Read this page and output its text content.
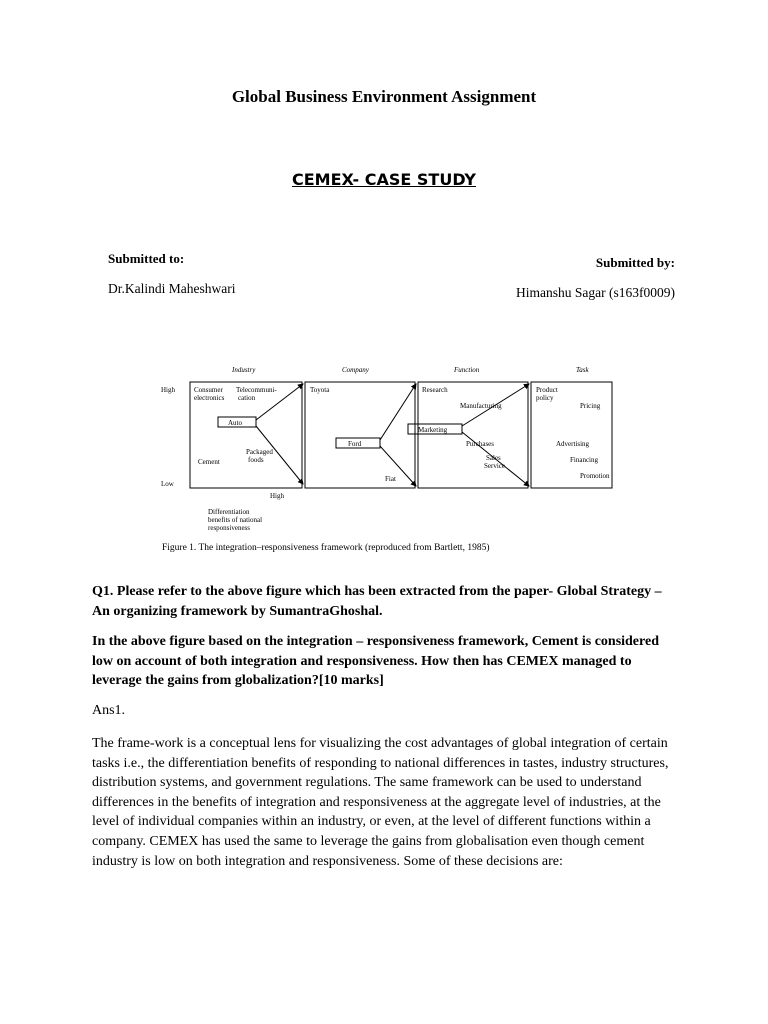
Global Business Environment Assignment
CEMEX- CASE STUDY
Submitted to:
Dr.Kalindi Maheshwari
Submitted by:
Himanshu Sagar (s163f0009)
Industry	Company	Function	Task
High
Low
High
Differentiation
benefits of national
responsiveness
Consumer
electronics
Telecommuni-
cation
Auto
Cement
Packaged
foods
Toyota
Ford
Fiat
Research
Manufacturing
Marketing
Purchases
Sales
Service
Product
policy
Pricing
Advertising
Financing
Promotion
Figure 1. The integration–responsiveness framework (reproduced from Bartlett, 1985)
Q1. Please refer to the above figure which has been extracted from the paper- Global Strategy – An organizing framework by SumantraGhoshal.
In the above figure based on the integration – responsiveness framework, Cement is considered low on account of both integration and responsiveness. How then has CEMEX managed to leverage the gains from globalization?[10 marks]
Ans1.
The frame-work is a conceptual lens for visualizing the cost advantages of global integration of certain tasks i.e., the differentiation benefits of responding to national differences in tastes, industry structures, distribution systems, and government regulations. The same framework can be used to understand differences in the benefits of integration and responsiveness at the aggregate level of industries, at the level of individual companies within an industry, or even, at the level of different functions within a company. CEMEX has used the same to leverage the gains from globalisation even though cement industry is low on both integration and responsiveness. Some of these decisions are:
